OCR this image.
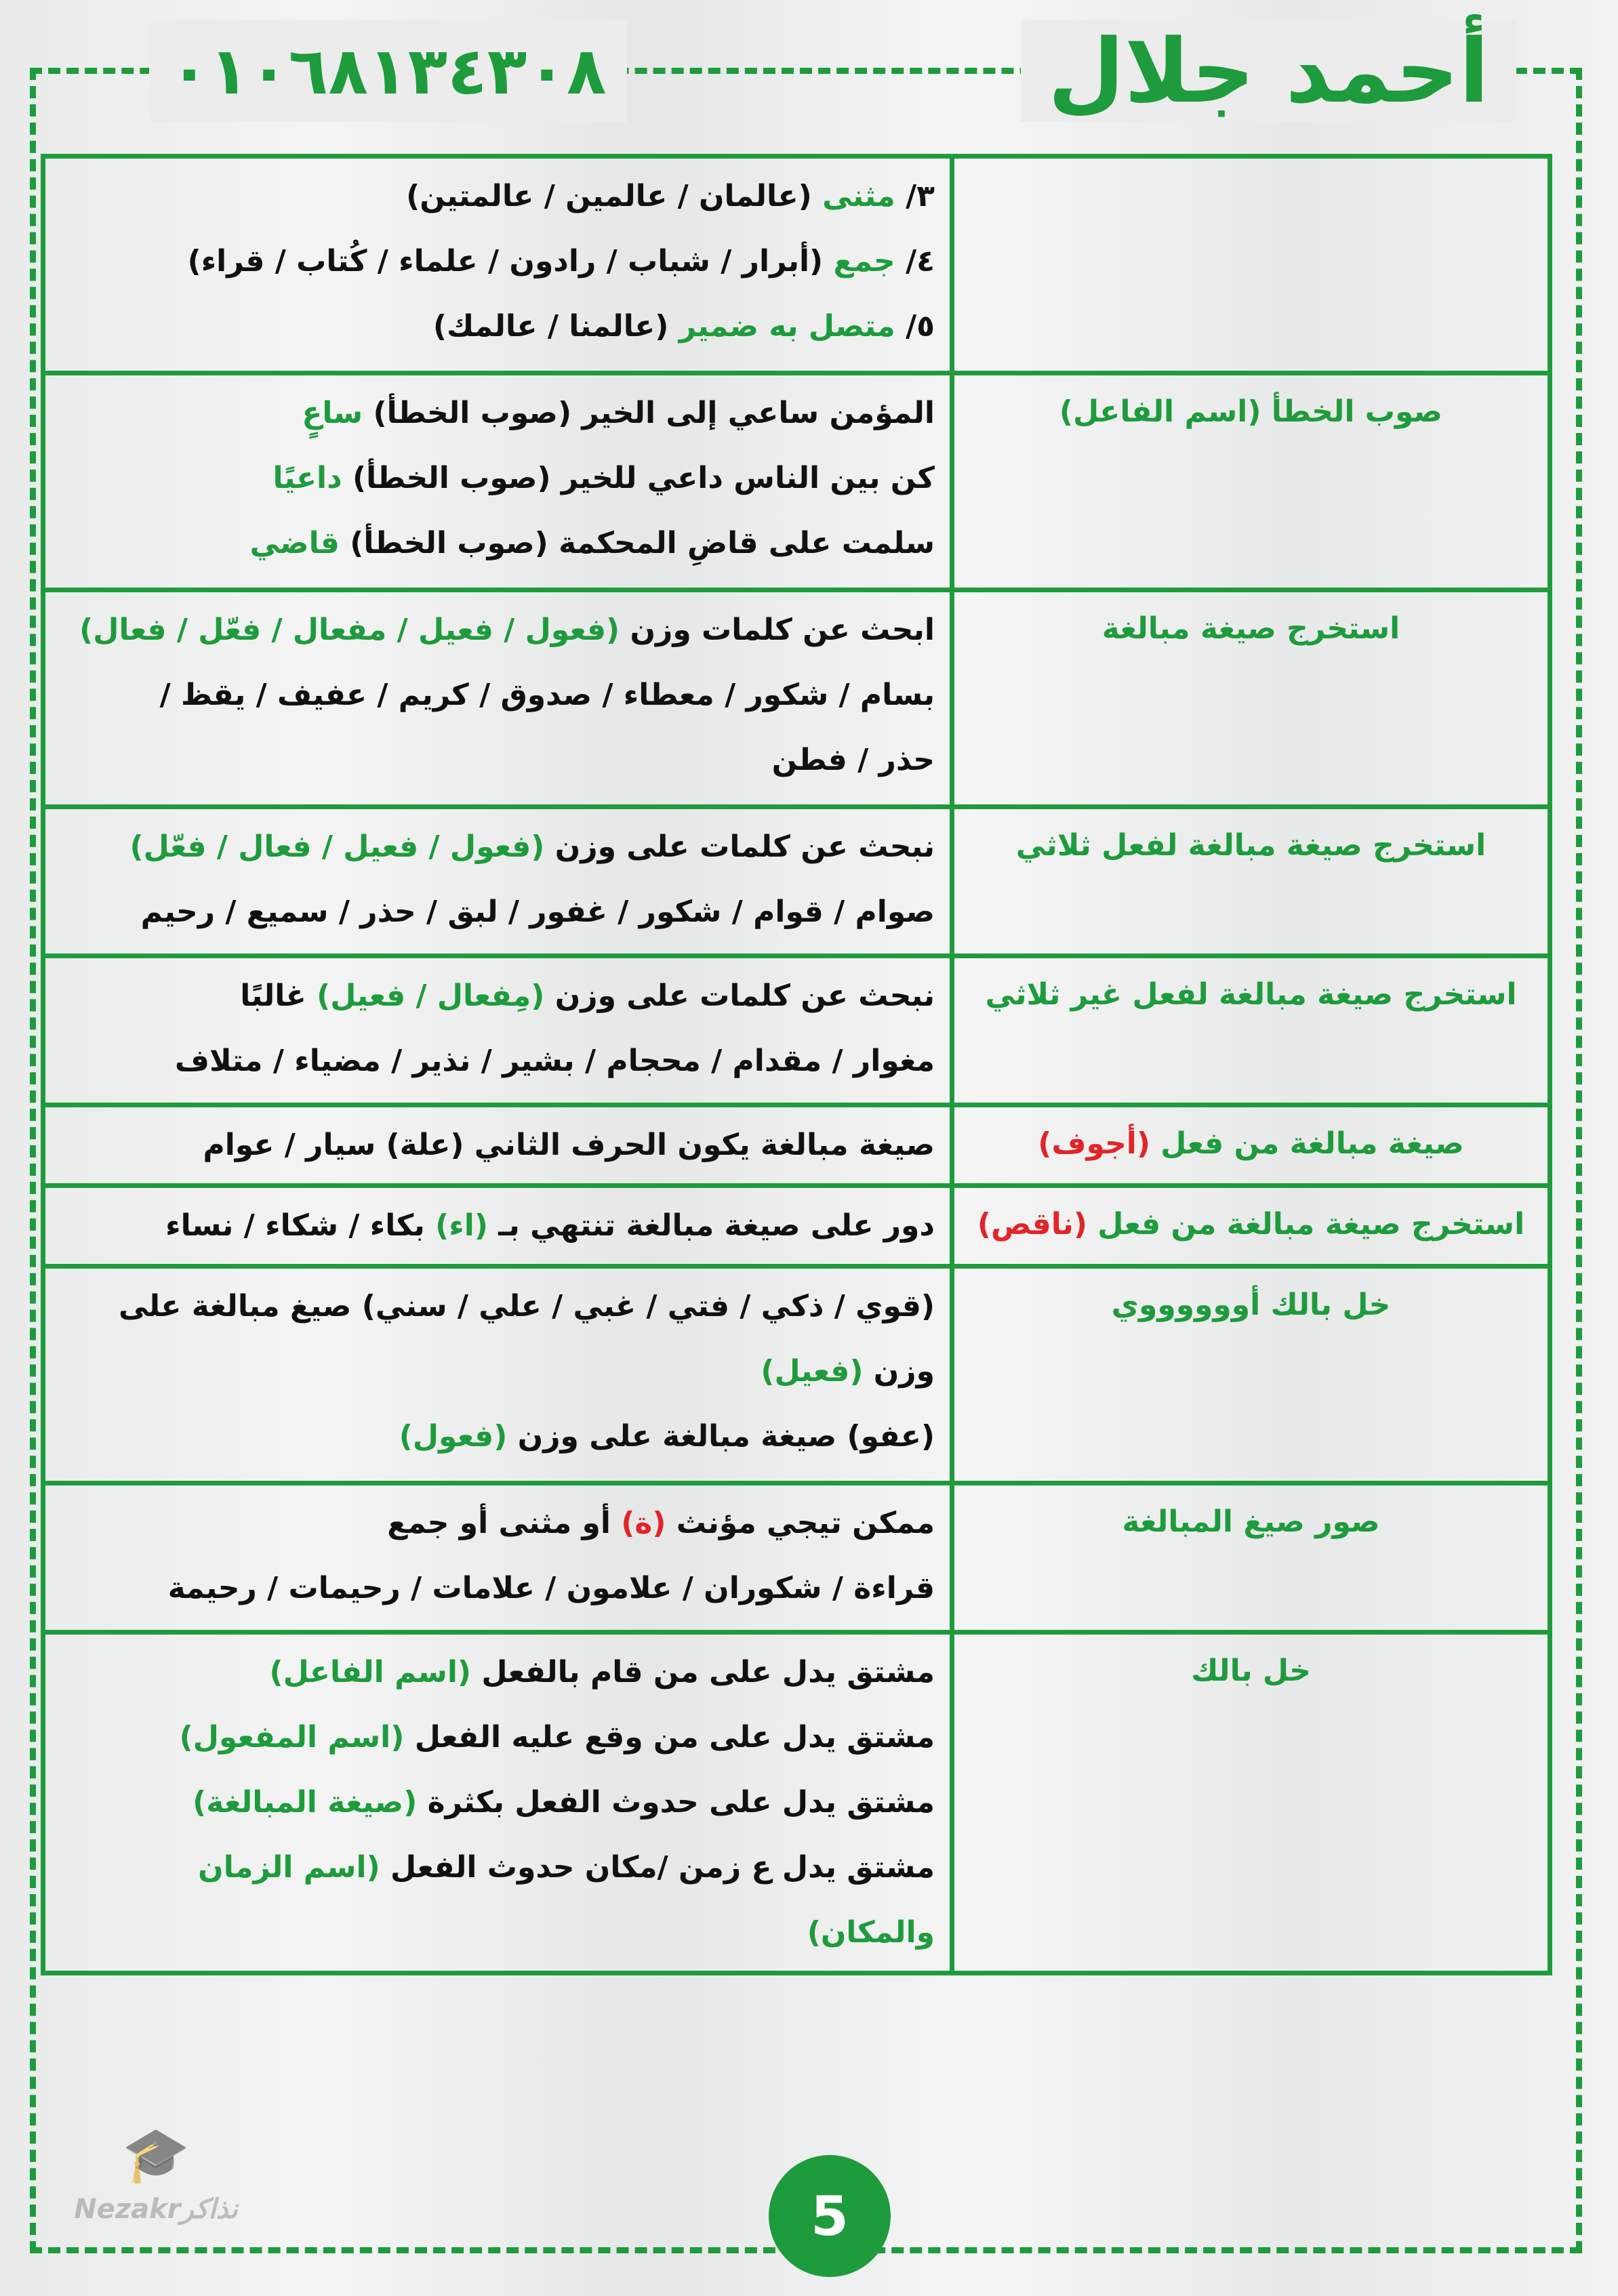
أحمد جلال
٠١٠٦٨١٣٤٣٠٨

	٣/ مثنى (عالمان / عالمين / عالمتين)
٤/ جمع (أبرار / شباب / رادون / علماء / كُتاب / قراء)
٥/ متصل به ضمير (عالمنا / عالمك)

صوب الخطأ (اسم الفاعل)	المؤمن ساعي إلى الخير (صوب الخطأ) ساعٍ
كن بين الناس داعي للخير (صوب الخطأ) داعيًا
سلمت على قاضِ المحكمة (صوب الخطأ) قاضي

استخرج صيغة مبالغة	ابحث عن كلمات وزن (فعول / فعيل / مفعال / فعّل / فعال)
بسام / شكور / معطاء / صدوق / كريم / عفيف / يقظ /
حذر / فطن

استخرج صيغة مبالغة لفعل ثلاثي	نبحث عن كلمات على وزن (فعول / فعيل / فعال / فعّل)
صوام / قوام / شكور / غفور / لبق / حذر / سميع / رحيم

استخرج صيغة مبالغة لفعل غير ثلاثي	نبحث عن كلمات على وزن (مِفعال / فعيل) غالبًا
مغوار / مقدام / محجام / بشير / نذير / مضياء / متلاف

صيغة مبالغة من فعل (أجوف)	صيغة مبالغة يكون الحرف الثاني (علة) سيار / عوام

استخرج صيغة مبالغة من فعل (ناقص)	دور على صيغة مبالغة تنتهي بـ (اء) بكاء / شكاء / نساء

خل بالك أووووووي	(قوي / ذكي / فتي / غبي / علي / سني) صيغ مبالغة على
وزن (فعيل)
(عفو) صيغة مبالغة على وزن (فعول)

صور صيغ المبالغة	ممكن تيجي مؤنث (ة) أو مثنى أو جمع
قراءة / شكوران / علامون / علامات / رحيمات / رحيمة

خل بالك	مشتق يدل على من قام بالفعل (اسم الفاعل)
مشتق يدل على من وقع عليه الفعل (اسم المفعول)
مشتق يدل على حدوث الفعل بكثرة (صيغة المبالغة)
مشتق يدل ع زمن /مكان حدوث الفعل (اسم الزمان والمكان)
🎓
Nezakrنذاكر	5
